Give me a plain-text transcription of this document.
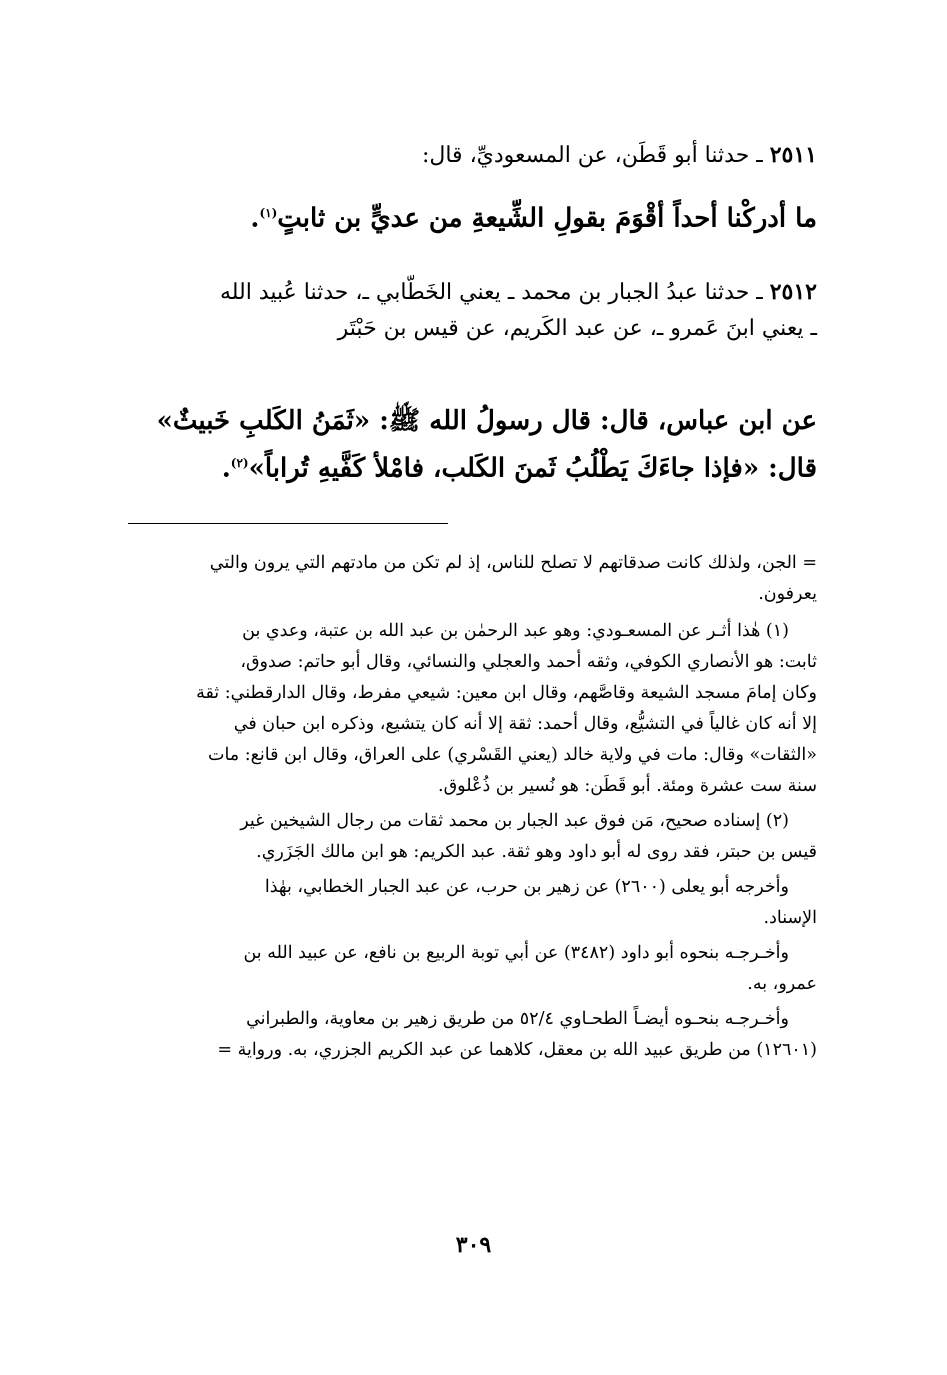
٢٥١١ ـ حدثنا أبو قَطَن، عن المسعوديِّ، قال:
ما أدركْنا أحداً أقْوَمَ بقولِ الشِّيعةِ من عديٍّ بن ثابتٍ$^{(١)}$.
٢٥١٢ ـ حدثنا عبدُ الجبار بن محمد ـ يعني الخَطّابي ـ، حدثنا عُبيد الله
ـ يعني ابنَ عَمرو ـ، عن عبد الكَريم، عن قيس بن حَبْتَر
عن ابن عباس، قال: قال رسولُ الله ﷺ: «ثَمَنُ الكَلبِ خَبيثٌ»
قال: «فإذا جاءَكَ يَطْلُبُ ثَمنَ الكَلب، فامْلأ كَفَّيهِ تُراباً»$^{(٢)}$.
= الجن، ولذلك كانت صدقاتهم لا تصلح للناس، إذ لم تكن من مادتهم التي يرون والتي
يعرفون.
(١) هٰذا أثـر عن المسعـودي: وهو عبد الرحمٰن بن عبد الله بن عتبة، وعدي بن
ثابت: هو الأنصاري الكوفي، وثقه أحمد والعجلي والنسائي، وقال أبو حاتم: صدوق،
وكان إمامَ مسجد الشيعة وقاصَّهم، وقال ابن معين: شيعي مفرط، وقال الدارقطني: ثقة
إلا أنه كان غالياً في التشيُّع، وقال أحمد: ثقة إلا أنه كان يتشيع، وذكره ابن حبان في
«الثقات» وقال: مات في ولاية خالد (يعني القَسْري) على العراق، وقال ابن قانع: مات
سنة ست عشرة ومئة. أبو قَطَن: هو نُسير بن ذُعْلوق.
(٢) إسناده صحيح، مَن فوق عبد الجبار بن محمد ثقات من رجال الشيخين غير
قيس بن حبتر، فقد روى له أبو داود وهو ثقة. عبد الكريم: هو ابن مالك الجَزَري.
وأخرجه أبو يعلى (٢٦٠٠) عن زهير بن حرب، عن عبد الجبار الخطابي، بهٰذا
الإسناد.
وأخـرجـه بنحوه أبو داود (٣٤٨٢) عن أبي توبة الربيع بن نافع، عن عبيد الله بن
عمرو، به.
وأخـرجـه بنحـوه أيضـاً الطحـاوي ٥٢/٤ من طريق زهير بن معاوية، والطبراني
(١٢٦٠١) من طريق عبيد الله بن معقل، كلاهما عن عبد الكريم الجزري، به. ورواية =
٣٠٩
